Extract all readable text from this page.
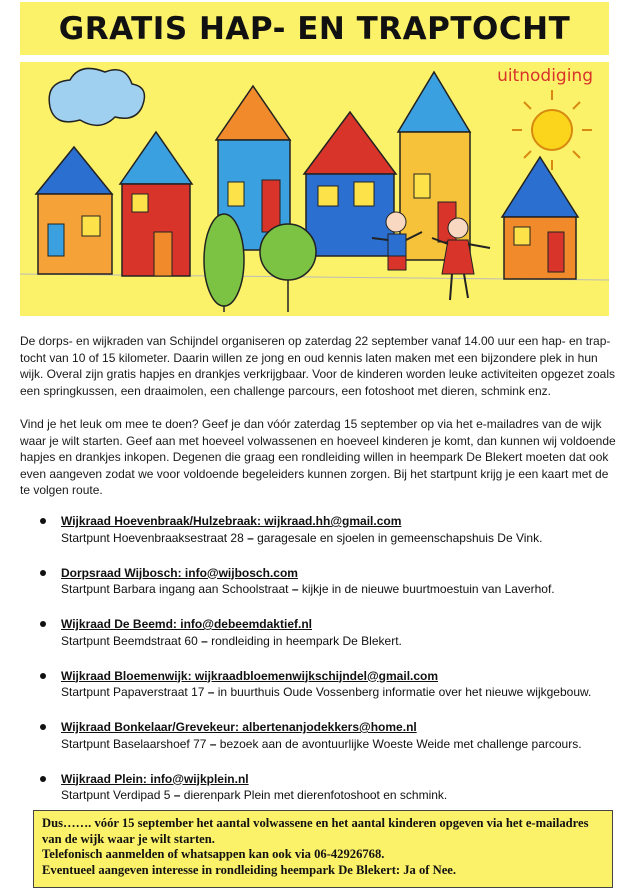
GRATIS HAP- EN TRAPTOCHT
uitnodiging

De dorps- en wijkraden van Schijndel organiseren op zaterdag 22 september vanaf 14.00 uur een hap- en trap-tocht van 10 of 15 kilometer. Daarin willen ze jong en oud kennis laten maken met een bijzondere plek in hun wijk. Overal zijn gratis hapjes en drankjes verkrijgbaar. Voor de kinderen worden leuke activiteiten opgezet zoals een springkussen, een draaimolen, een challenge parcours, een fotoshoot met dieren, schmink enz.

Vind je het leuk om mee te doen? Geef je dan vóór zaterdag 15 september op via het e-mailadres van de wijk waar je wilt starten. Geef aan met hoeveel volwassenen en hoeveel kinderen je komt, dan kunnen wij voldoende hapjes en drankjes inkopen. Degenen die graag een rondleiding willen in heempark De Blekert moeten dat ook even aangeven zodat we voor voldoende begeleiders kunnen zorgen. Bij het startpunt krijg je een kaart met de te volgen route.

Wijkraad Hoevenbraak/Hulzebraak: wijkraad.hh@gmail.com
Startpunt Hoevenbraaksestraat 28 – garagesale en sjoelen in gemeenschapshuis De Vink.
Dorpsraad Wijbosch: info@wijbosch.com
Startpunt Barbara ingang aan Schoolstraat – kijkje in de nieuwe buurtmoestuin van Laverhof.
Wijkraad De Beemd: info@debeemdaktief.nl
Startpunt Beemdstraat 60 – rondleiding in heempark De Blekert.
Wijkraad Bloemenwijk: wijkraadbloemenwijkschijndel@gmail.com
Startpunt Papaverstraat 17 – in buurthuis Oude Vossenberg informatie over het nieuwe wijkgebouw.
Wijkraad Bonkelaar/Grevekeur: albertenanjodekkers@home.nl
Startpunt Baselaarshoef 77 – bezoek aan de avontuurlijke Woeste Weide met challenge parcours.
Wijkraad Plein: info@wijkplein.nl
Startpunt Verdipad 5 – dierenpark Plein met dierenfotoshoot en schmink.
Dus……. vóór 15 september het aantal volwassene en het aantal kinderen opgeven via het e-mailadres van de wijk waar je wilt starten.
Telefonisch aanmelden of whatsappen kan ook via 06-42926768.
Eventueel aangeven interesse in rondleiding heempark De Blekert: Ja of Nee.
